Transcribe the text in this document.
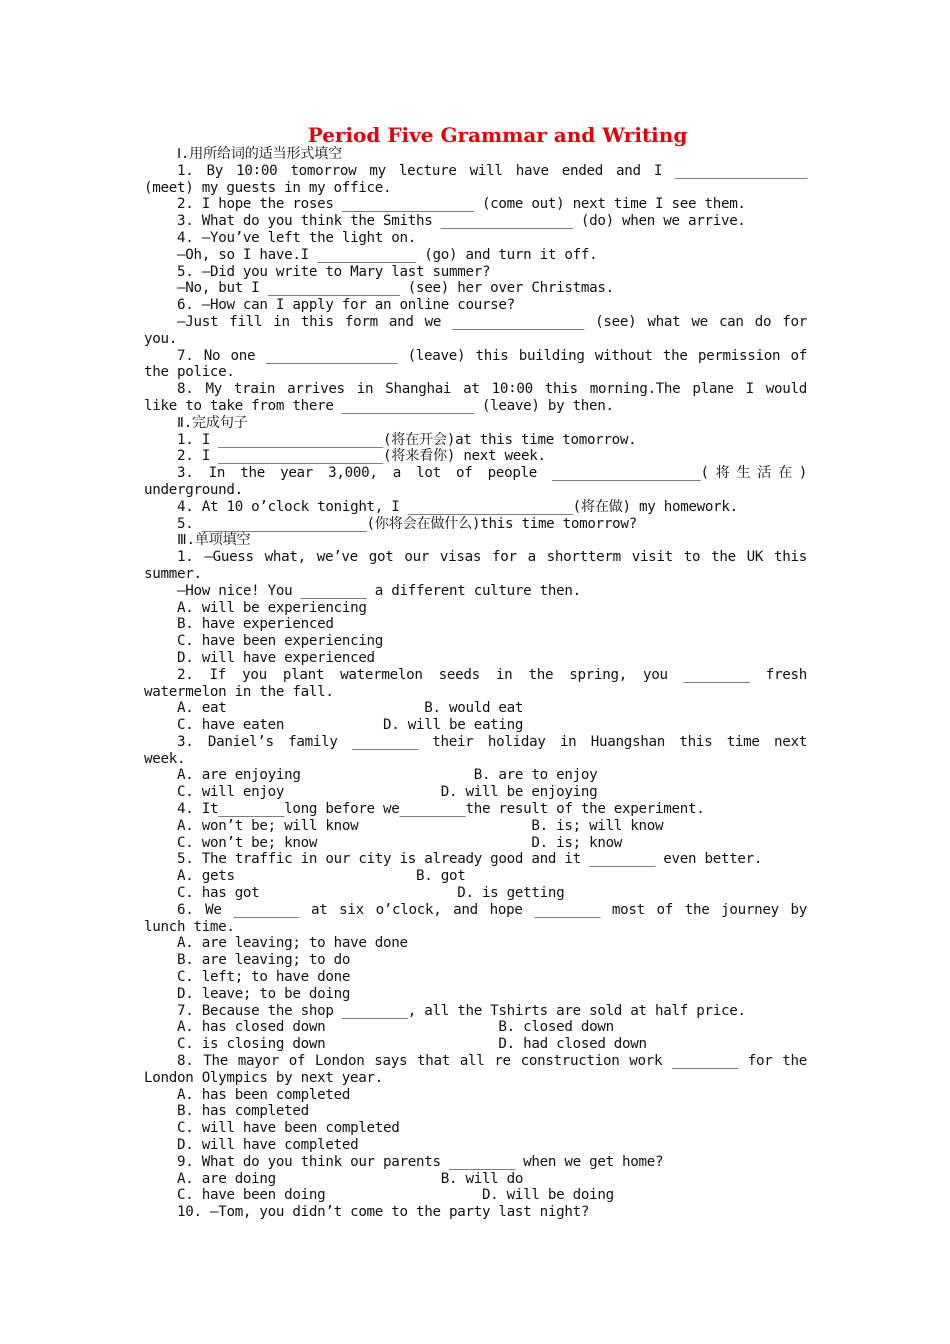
Period Five Grammar and Writing
Ⅰ.用所给词的适当形式填空
1. By 10∶00 tomorrow my lecture will have ended and I ________________
(meet) my guests in my office.
2. I hope the roses ________________ (come out) next time I see them.
3. What do you think the Smiths ________________ (do) when we arrive.
4. —You’ve left the light on.
—Oh, so I have.I ____________ (go) and turn it off.
5. —Did you write to Mary last summer?
—No, but I ________________ (see) her over Christmas.
6. —How can I apply for an online course?
—Just fill in this form and we ________________ (see) what we can do for
you.
7. No one ________________ (leave) this building without the permission of
the police.
8. My train arrives in Shanghai at 10∶00 this morning.The plane I would
like to take from there ________________ (leave) by then.
Ⅱ.完成句子
1. I ____________________(将在开会)at this time tomorrow.
2. I ____________________(将来看你) next week.
3. In the year 3,000, a lot of people __________________(将生活在)
underground.
4. At 10 o’clock tonight, I ____________________(将在做) my homework.
5. ____________________(你将会在做什么)this time tomorrow?
Ⅲ.单项填空
1. —Guess what, we’ve got our visas for a shortterm visit to the UK this
summer.
—How nice! You ________ a different culture then.
A. will be experiencing
B. have experienced
C. have been experiencing
D. will have experienced
2. If you plant watermelon seeds in the spring, you ________ fresh
watermelon in the fall.
A. eat                        B. would eat
C. have eaten            D. will be eating
3. Daniel’s family ________ their holiday in Huangshan this time next
week.
A. are enjoying                     B. are to enjoy
C. will enjoy                   D. will be enjoying
4. It________long before we________the result of the experiment.
A. won’t be; will know                     B. is; will know
C. won’t be; know                          D. is; know
5. The traffic in our city is already good and it ________ even better.
A. gets                      B. got
C. has got                        D. is getting
6. We ________ at six o’clock, and hope ________ most of the journey by
lunch time.
A. are leaving; to have done
B. are leaving; to do
C. left; to have done
D. leave; to be doing
7. Because the shop ________, all the Tshirts are sold at half price.
A. has closed down                     B. closed down
C. is closing down                     D. had closed down
8. The mayor of London says that all re construction work ________ for the
London Olympics by next year.
A. has been completed
B. has completed
C. will have been completed
D. will have completed
9. What do you think our parents ________ when we get home?
A. are doing                    B. will do
C. have been doing                   D. will be doing
10. —Tom, you didn’t come to the party last night?
